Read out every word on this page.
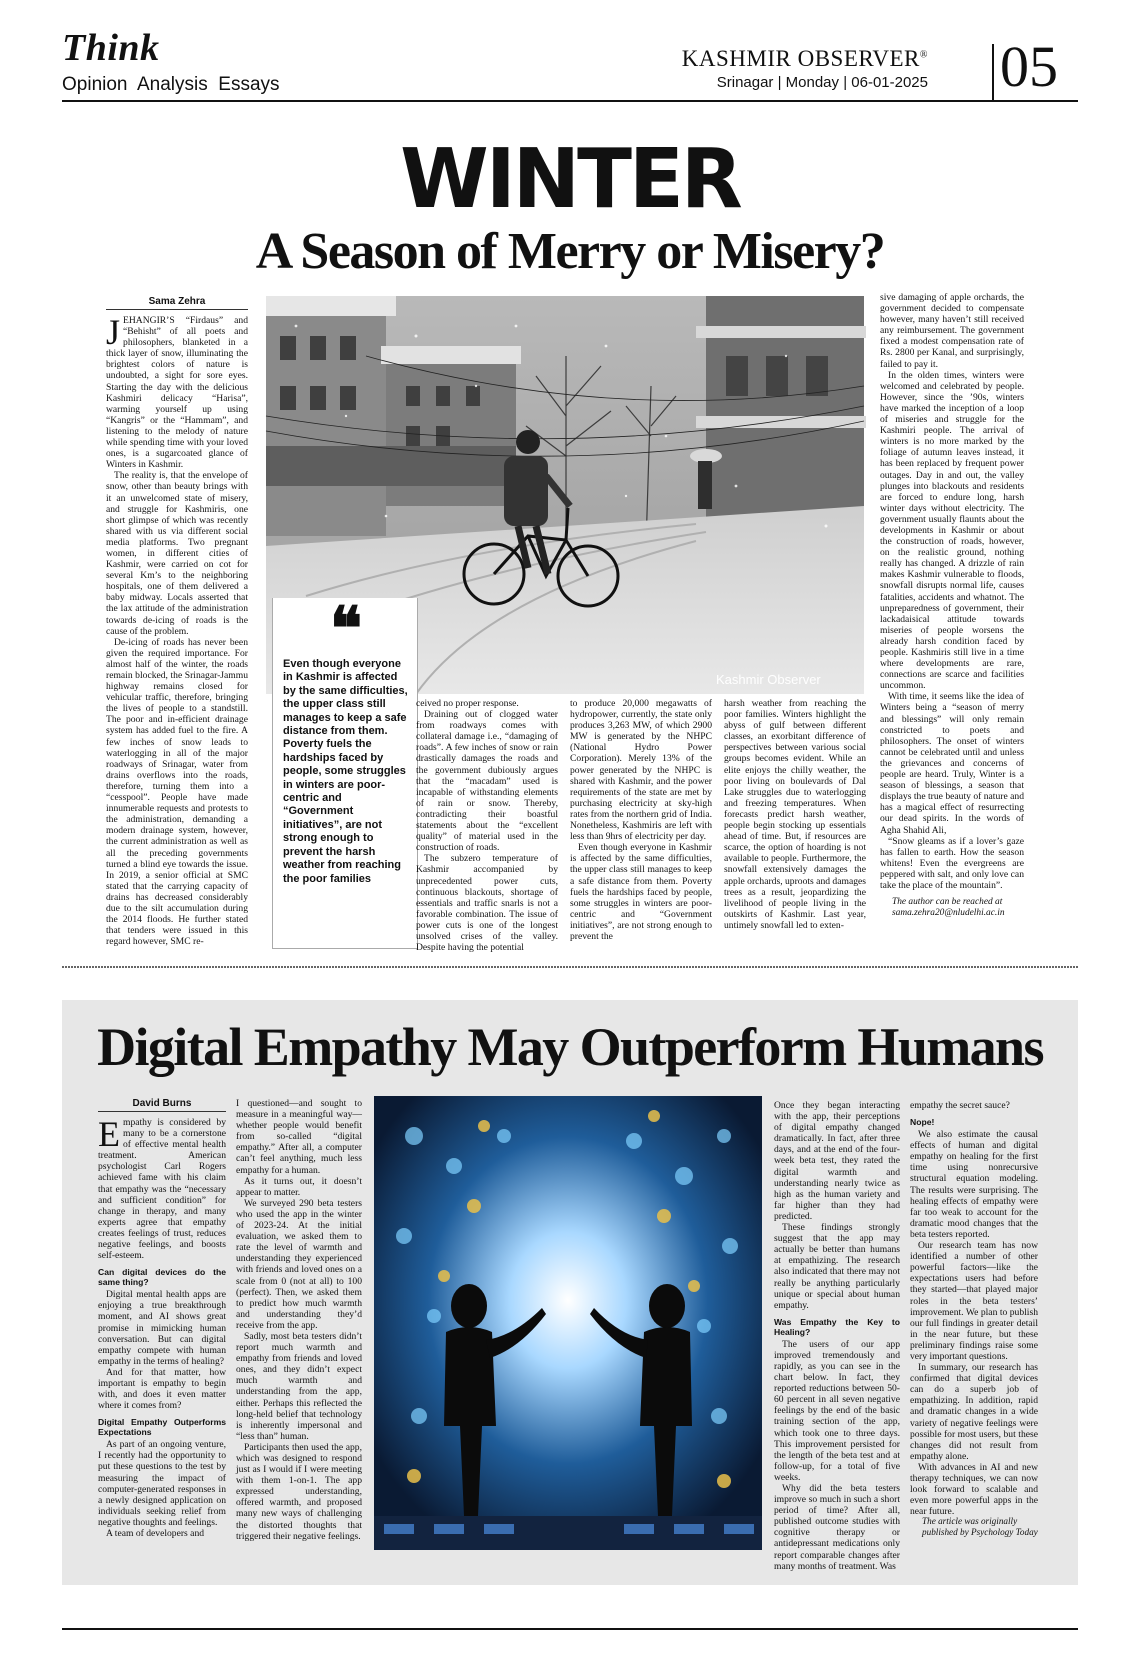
Think
Opinion  Analysis  Essays
KASHMIR OBSERVER®
Srinagar | Monday | 06-01-2025 05
WINTER
A Season of Merry or Misery?
Sama Zehra

JEHANGIR’S “Firdaus” and “Behisht” of all poets and philosophers, blanketed in a thick layer of snow, illuminating the brightest colors of nature is undoubted, a sight for sore eyes. Starting the day with the delicious Kashmiri delicacy “Harisa”, warming yourself up using “Kangris” or the “Hammam”, and listening to the melody of nature while spending time with your loved ones, is a sugarcoated glance of Winters in Kashmir.

The reality is, that the envelope of snow, other than beauty brings with it an unwelcomed state of misery, and struggle for Kashmiris, one short glimpse of which was recently shared with us via different social media platforms. Two pregnant women, in different cities of Kashmir, were carried on cot for several Km’s to the neighboring hospitals, one of them delivered a baby midway. Locals asserted that the lax attitude of the administration towards de-icing of roads is the cause of the problem.

De-icing of roads has never been given the required importance. For almost half of the winter, the roads remain blocked, the Srinagar-Jammu highway remains closed for vehicular traffic, therefore, bringing the lives of people to a standstill. The poor and in-efficient drainage system has added fuel to the fire. A few inches of snow leads to waterlogging in all of the major roadways of Srinagar, water from drains overflows into the roads, therefore, turning them into a “cesspool”. People have made innumerable requests and protests to the administration, demanding a modern drainage system, however, the current administration as well as all the preceding governments turned a blind eye towards the issue. In 2019, a senior official at SMC stated that the carrying capacity of drains has decreased considerably due to the silt accumulation during the 2014 floods. He further stated that tenders were issued in this regard however, SMC re-

Kashmir Observer
❝
Even though everyone in Kashmir is affected by the same difficulties, the upper class still manages to keep a safe distance from them. Poverty fuels the hardships faced by people, some struggles in winters are poor-centric and “Government initiatives”, are not strong enough to prevent the harsh weather from reaching the poor families

ceived no proper response.

Draining out of clogged water from roadways comes with collateral damage i.e., “damaging of roads”. A few inches of snow or rain drastically damages the roads and the government dubiously argues that the “macadam” used is incapable of withstanding elements of rain or snow. Thereby, contradicting their boastful statements about the “excellent quality” of material used in the construction of roads.

The subzero temperature of Kashmir accompanied by unprecedented power cuts, continuous blackouts, shortage of essentials and traffic snarls is not a favorable combination. The issue of power cuts is one of the longest unsolved crises of the valley. Despite having the potential

to produce 20,000 megawatts of hydropower, currently, the state only produces 3,263 MW, of which 2900 MW is generated by the NHPC (National Hydro Power Corporation). Merely 13% of the power generated by the NHPC is shared with Kashmir, and the power requirements of the state are met by purchasing electricity at sky-high rates from the northern grid of India. Nonetheless, Kashmiris are left with less than 9hrs of electricity per day.

Even though everyone in Kashmir is affected by the same difficulties, the upper class still manages to keep a safe distance from them. Poverty fuels the hardships faced by people, some struggles in winters are poor-centric and “Government initiatives”, are not strong enough to prevent the

harsh weather from reaching the poor families. Winters highlight the abyss of gulf between different classes, an exorbitant difference of perspectives between various social groups becomes evident. While an elite enjoys the chilly weather, the poor living on boulevards of Dal Lake struggles due to waterlogging and freezing temperatures. When forecasts predict harsh weather, people begin stocking up essentials ahead of time. But, if resources are scarce, the option of hoarding is not available to people. Furthermore, the snowfall extensively damages the apple orchards, uproots and damages trees as a result, jeopardizing the livelihood of people living in the outskirts of Kashmir. Last year, untimely snowfall led to exten-

sive damaging of apple orchards, the government decided to compensate however, many haven’t still received any reimbursement. The government fixed a modest compensation rate of Rs. 2800 per Kanal, and surprisingly, failed to pay it.

In the olden times, winters were welcomed and celebrated by people. However, since the ’90s, winters have marked the inception of a loop of miseries and struggle for the Kashmiri people. The arrival of winters is no more marked by the foliage of autumn leaves instead, it has been replaced by frequent power outages. Day in and out, the valley plunges into blackouts and residents are forced to endure long, harsh winter days without electricity. The government usually flaunts about the developments in Kashmir or about the construction of roads, however, on the realistic ground, nothing really has changed. A drizzle of rain makes Kashmir vulnerable to floods, snowfall disrupts normal life, causes fatalities, accidents and whatnot. The unpreparedness of government, their lackadaisical attitude towards miseries of people worsens the already harsh condition faced by people. Kashmiris still live in a time where developments are rare, connections are scarce and facilities uncommon.

With time, it seems like the idea of Winters being a “season of merry and blessings” will only remain constricted to poets and philosophers. The onset of winters cannot be celebrated until and unless the grievances and concerns of people are heard. Truly, Winter is a season of blessings, a season that displays the true beauty of nature and has a magical effect of resurrecting our dead spirits. In the words of Agha Shahid Ali,

“Snow gleams as if a lover’s gaze has fallen to earth. How the season whitens! Even the evergreens are peppered with salt, and only love can take the place of the mountain”.

The author can be reached at sama.zehra20@nludelhi.ac.in
Digital Empathy May Outperform Humans
David Burns

Empathy is considered by many to be a cornerstone of effective mental health treatment. American psychologist Carl Rogers achieved fame with his claim that empathy was the “necessary and sufficient condition” for change in therapy, and many experts agree that empathy creates feelings of trust, reduces negative feelings, and boosts self-esteem.

Can digital devices do the same thing?

Digital mental health apps are enjoying a true breakthrough moment, and AI shows great promise in mimicking human conversation. But can digital empathy compete with human empathy in the terms of healing?

And for that matter, how important is empathy to begin with, and does it even matter where it comes from?

Digital Empathy Outperforms Expectations

As part of an ongoing venture, I recently had the opportunity to put these questions to the test by measuring the impact of computer-generated responses in a newly designed application on individuals seeking relief from negative thoughts and feelings.

A team of developers and

I questioned—and sought to measure in a meaningful way—whether people would benefit from so-called “digital empathy.” After all, a computer can’t feel anything, much less empathy for a human.

As it turns out, it doesn’t appear to matter.

We surveyed 290 beta testers who used the app in the winter of 2023-24. At the initial evaluation, we asked them to rate the level of warmth and understanding they experienced with friends and loved ones on a scale from 0 (not at all) to 100 (perfect). Then, we asked them to predict how much warmth and understanding they’d receive from the app.

Sadly, most beta testers didn’t report much warmth and empathy from friends and loved ones, and they didn’t expect much warmth and understanding from the app, either. Perhaps this reflected the long-held belief that technology is inherently impersonal and “less than” human.

Participants then used the app, which was designed to respond just as I would if I were meeting with them 1-on-1. The app expressed understanding, offered warmth, and proposed many new ways of challenging the distorted thoughts that triggered their negative feelings.

Once they began interacting with the app, their perceptions of digital empathy changed dramatically. In fact, after three days, and at the end of the four-week beta test, they rated the digital warmth and understanding nearly twice as high as the human variety and far higher than they had predicted.

These findings strongly suggest that the app may actually be better than humans at empathizing. The research also indicated that there may not really be anything particularly unique or special about human empathy.

Was Empathy the Key to Healing?

The users of our app improved tremendously and rapidly, as you can see in the chart below. In fact, they reported reductions between 50-60 percent in all seven negative feelings by the end of the basic training section of the app, which took one to three days. This improvement persisted for the length of the beta test and at follow-up, for a total of five weeks.

Why did the beta testers improve so much in such a short period of time? After all, published outcome studies with cognitive therapy or antidepressant medications only report comparable changes after many months of treatment. Was

empathy the secret sauce?

Nope!

We also estimate the causal effects of human and digital empathy on healing for the first time using nonrecursive structural equation modeling. The results were surprising. The healing effects of empathy were far too weak to account for the dramatic mood changes that the beta testers reported.

Our research team has now identified a number of other powerful factors—like the expectations users had before they started—that played major roles in the beta testers’ improvement. We plan to publish our full findings in greater detail in the near future, but these preliminary findings raise some very important questions.

In summary, our research has confirmed that digital devices can do a superb job of empathizing. In addition, rapid and dramatic changes in a wide variety of negative feelings were possible for most users, but these changes did not result from empathy alone.

With advances in AI and new therapy techniques, we can now look forward to scalable and even more powerful apps in the near future.

The article was originally published by Psychology Today
